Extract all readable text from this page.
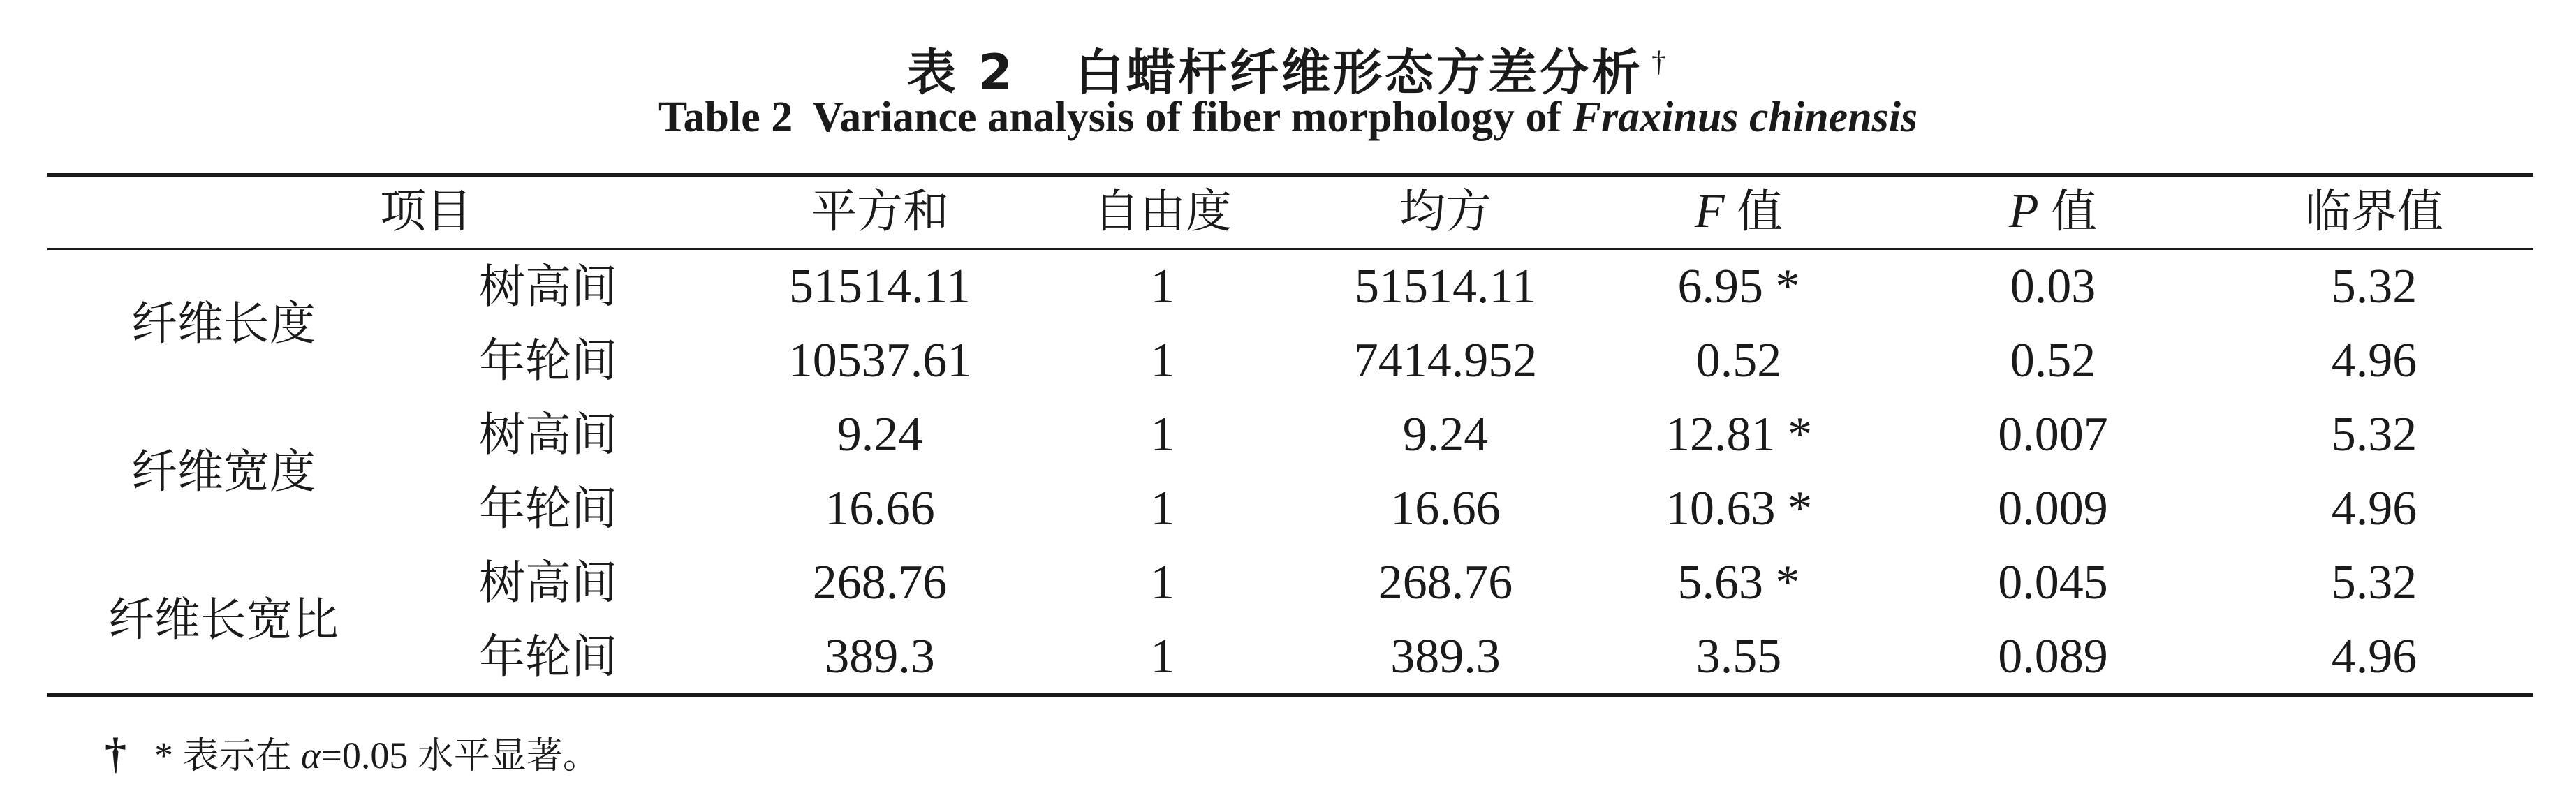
表 2 白蜡杆纤维形态方差分析 †
Table 2 Variance analysis of fiber morphology of Fraxinus chinensis
项目	平方和	自由度	均方	F 值	P 值	临界值
纤维长度
树高间	51514.11	1	51514.11	6.95 *	0.03	5.32
年轮间	10537.61	1	7414.952	0.52	0.52	4.96
纤维宽度
树高间	9.24	1	9.24	12.81 *	0.007	5.32
年轮间	16.66	1	16.66	10.63 *	0.009	4.96
纤维长宽比
树高间	268.76	1	268.76	5.63 *	0.045	5.32
年轮间	389.3	1	389.3	3.55	0.089	4.96
† * 表示在 α=0.05 水平显著。
